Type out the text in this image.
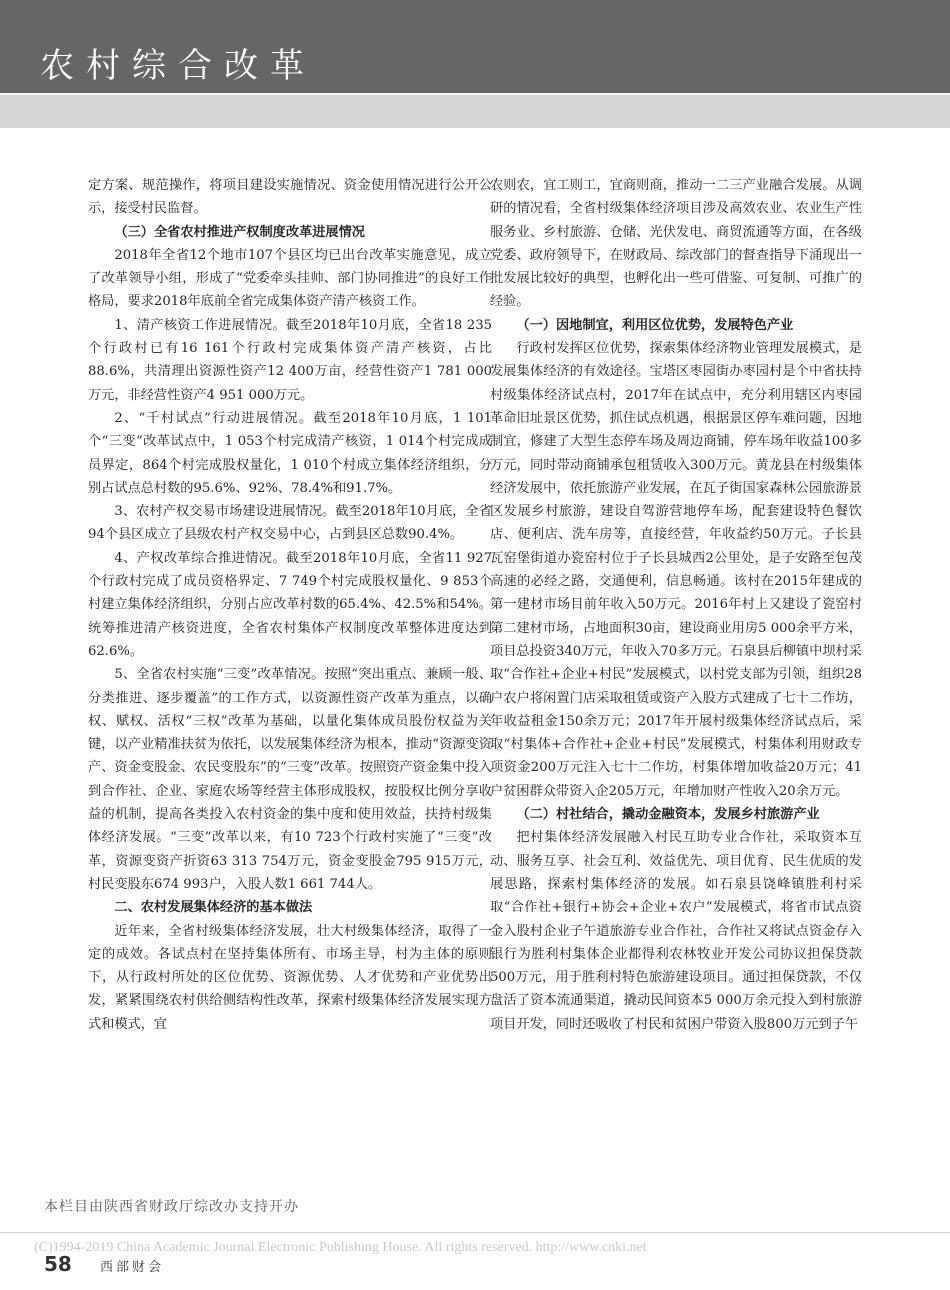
农村综合改革

定方案、规范操作，将项目建设实施情况、资金使用情况进行公开公示，接受村民监督。

（三）全省农村推进产权制度改革进展情况

2018年全省12个地市107个县区均已出台改革实施意见，成立了改革领导小组，形成了“党委牵头挂帅、部门协同推进”的良好工作格局，要求2018年底前全省完成集体资产清产核资工作。

1、清产核资工作进展情况。截至2018年10月底，全省18 235个行政村已有16 161个行政村完成集体资产清产核资，占比88.6%，共清理出资源性资产12 400万亩，经营性资产1 781 000万元，非经营性资产4 951 000万元。

2、“千村试点”行动进展情况。截至2018年10月底，1 101个“三变”改革试点中，1 053个村完成清产核资，1 014个村完成成员界定，864个村完成股权量化，1 010个村成立集体经济组织，分别占试点总村数的95.6%、92%、78.4%和91.7%。

3、农村产权交易市场建设进展情况。截至2018年10月底，全省94个县区成立了县级农村产权交易中心，占到县区总数90.4%。

4、产权改革综合推进情况。截至2018年10月底，全省11 927个行政村完成了成员资格界定、7 749个村完成股权量化、9 853个村建立集体经济组织，分别占应改革村数的65.4%、42.5%和54%。统筹推进清产核资进度，全省农村集体产权制度改革整体进度达到62.6%。

5、全省农村实施“三变”改革情况。按照“突出重点、兼顾一般、分类推进、逐步覆盖”的工作方式，以资源性资产改革为重点，以确权、赋权、活权“三权”改革为基础，以量化集体成员股份权益为关键，以产业精准扶贫为依托，以发展集体经济为根本，推动“资源变资产、资金变股金、农民变股东”的“三变”改革。按照资产资金集中投入到合作社、企业、家庭农场等经营主体形成股权，按股权比例分享收益的机制，提高各类投入农村资金的集中度和使用效益，扶持村级集体经济发展。“三变”改革以来，有10 723个行政村实施了“三变”改革，资源变资产折资63 313 754万元，资金变股金795 915万元，村民变股东674 993户，入股人数1 661 744人。

二、农村发展集体经济的基本做法

近年来，全省村级集体经济发展，壮大村级集体经济，取得了一定的成效。各试点村在坚持集体所有、市场主导，村为主体的原则下，从行政村所处的区位优势、资源优势、人才优势和产业优势出发，紧紧围绕农村供给侧结构性改革，探索村级集体经济发展实现方式和模式，宜

农则农，宜工则工，宜商则商，推动一二三产业融合发展。从调研的情况看，全省村级集体经济项目涉及高效农业、农业生产性服务业、乡村旅游、仓储、光伏发电、商贸流通等方面，在各级党委、政府领导下，在财政局、综改部门的督查指导下涌现出一批发展比较好的典型，也孵化出一些可借鉴、可复制、可推广的经验。

（一）因地制宜，利用区位优势，发展特色产业

行政村发挥区位优势，探索集体经济物业管理发展模式，是发展集体经济的有效途径。宝塔区枣园街办枣园村是个中省扶持村级集体经济试点村，2017年在试点中，充分利用辖区内枣园革命旧址景区优势，抓住试点机遇，根据景区停车难问题，因地制宜，修建了大型生态停车场及周边商铺，停车场年收益100多万元，同时带动商铺承包租赁收入300万元。黄龙县在村级集体经济发展中，依托旅游产业发展，在瓦子街国家森林公园旅游景区发展乡村旅游，建设自驾游营地停车场，配套建设特色餐饮店、便利店、洗车房等，直接经营，年收益约50万元。子长县瓦窑堡街道办瓷窑村位于子长县城西2公里处，是子安路至包茂高速的必经之路，交通便利，信息畅通。该村在2015年建成的第一建材市场目前年收入50万元。2016年村上又建设了瓷窑村第二建材市场，占地面积30亩，建设商业用房5 000余平方米，项目总投资340万元，年收入70多万元。石泉县后柳镇中坝村采取“合作社+企业+村民”发展模式，以村党支部为引领，组织28户农户将闲置门店采取租赁或资产入股方式建成了七十二作坊，年收益租金150余万元；2017年开展村级集体经济试点后，采取“村集体+合作社+企业+村民”发展模式，村集体利用财政专项资金200万元注入七十二作坊，村集体增加收益20万元；41户贫困群众带资入企205万元，年增加财产性收入20余万元。

（二）村社结合，撬动金融资本，发展乡村旅游产业

把村集体经济发展融入村民互助专业合作社，采取资本互动、服务互享、社会互利、效益优先、项目优育、民生优质的发展思路，探索村集体经济的发展。如石泉县饶峰镇胜利村采取“合作社+银行+协会+企业+农户”发展模式，将省市试点资金入股村企业子午道旅游专业合作社，合作社又将试点资金存入银行为胜利村集体企业都得利农林牧业开发公司协议担保贷款500万元，用于胜利村特色旅游建设项目。通过担保贷款，不仅盘活了资本流通渠道，撬动民间资本5 000万余元投入到村旅游项目开发，同时还吸收了村民和贫困户带资入股800万元到子午

本栏目由陕西省财政厅综改办支持开办
(C)1994-2019 China Academic Journal Electronic Publishing House. All rights reserved. http://www.cnki.net
58 西部财会
